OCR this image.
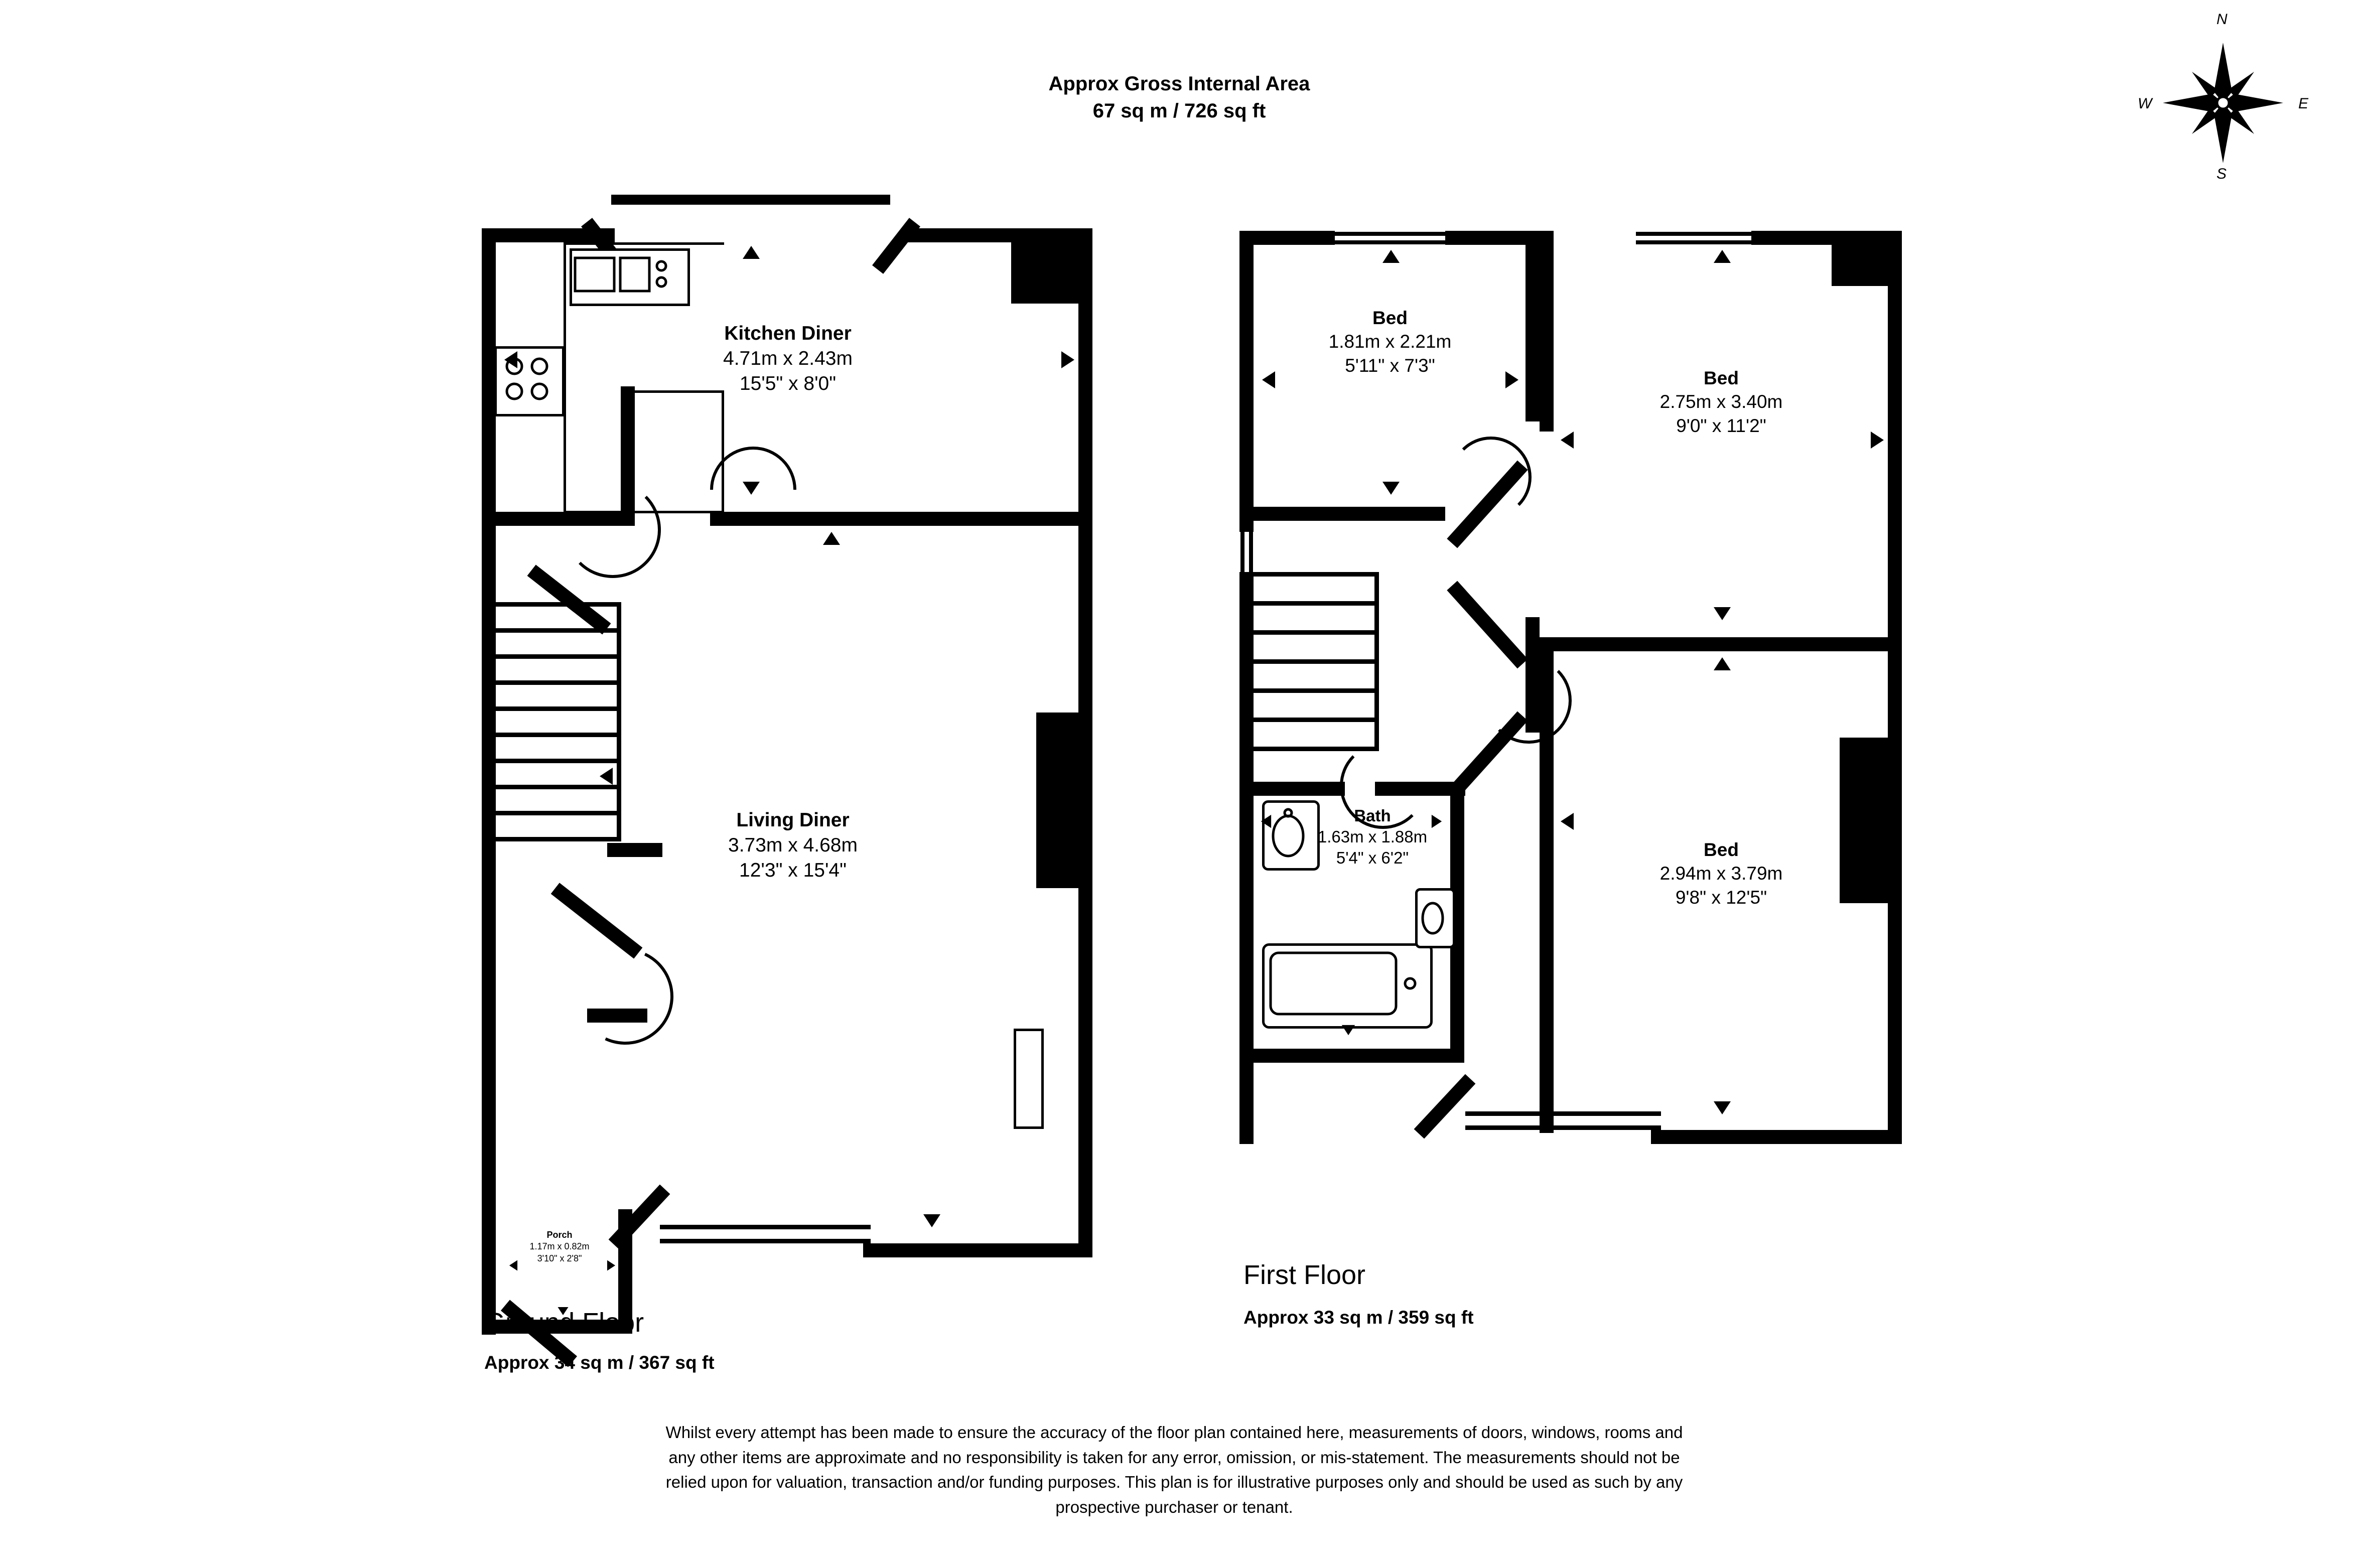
Approx Gross Internal Area
67 sq m / 726 sq ft
N
S
E
W
Kitchen Diner
4.71m x 2.43m
15'5" x 8'0"
Living Diner
3.73m x 4.68m
12'3" x 15'4"
Porch
1.17m x 0.82m
3'10" x 2'8"
Bed
1.81m x 2.21m
5'11" x 7'3"
Bed
2.75m x 3.40m
9'0" x 11'2"
Bed
2.94m x 3.79m
9'8" x 12'5"
Bath
1.63m x 1.88m
5'4" x 6'2"
Ground Floor
Approx 34 sq m / 367 sq ft
First Floor
Approx 33 sq m / 359 sq ft
Whilst every attempt has been made to ensure the accuracy of the floor plan contained here, measurements of doors, windows, rooms and
any other items are approximate and no responsibility is taken for any error, omission, or mis-statement. The measurements should not be
relied upon for valuation, transaction and/or funding purposes. This plan is for illustrative purposes only and should be used as such by any
prospective purchaser or tenant.
